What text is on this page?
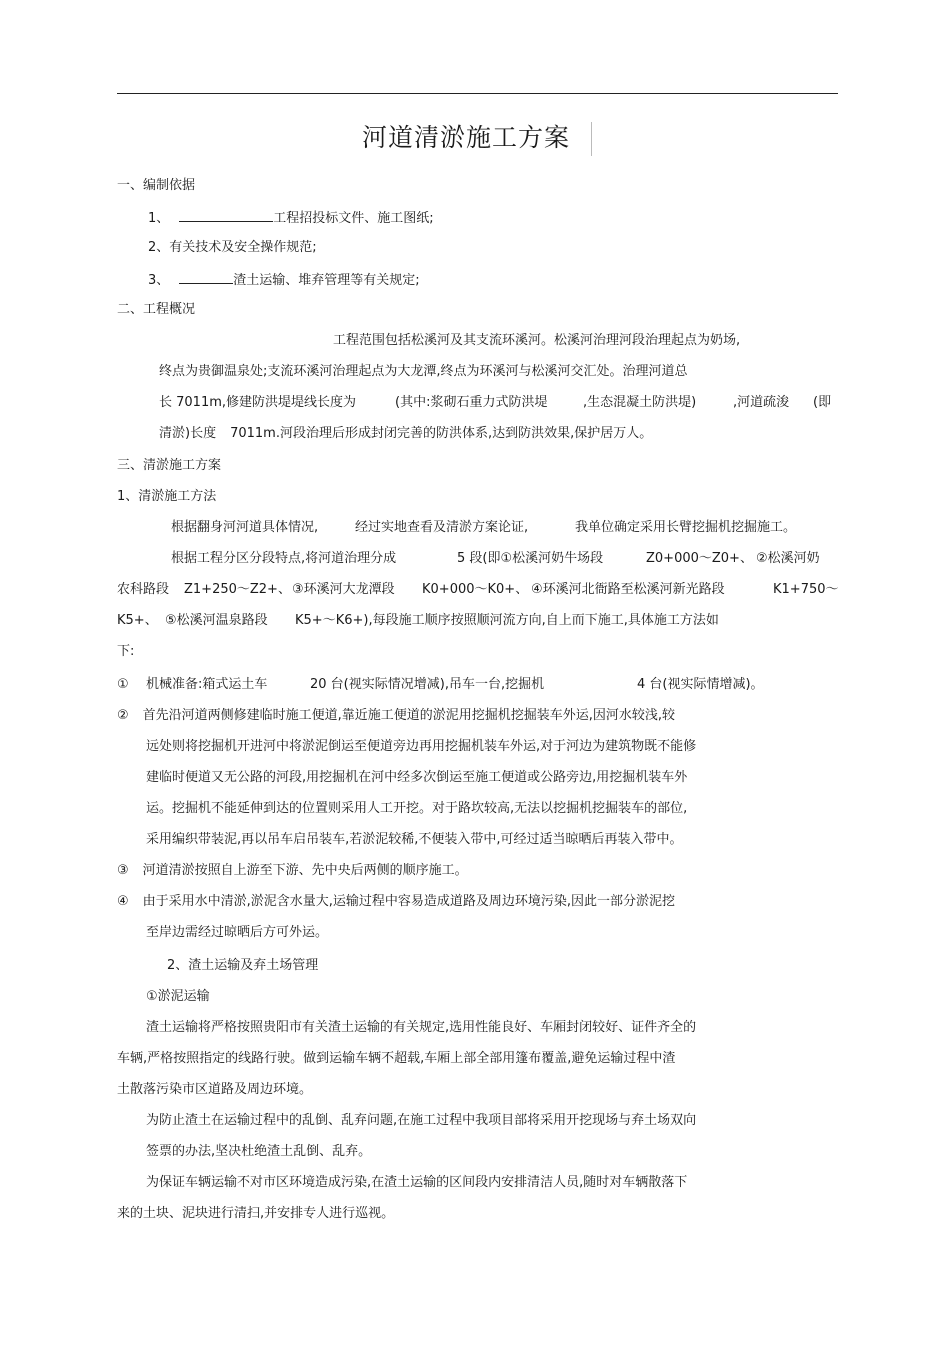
河道清淤施工方案
一、编制依据
1、	工程招投标文件、施工图纸;
2、有关技术及安全操作规范;
3、	渣土运输、堆弃管理等有关规定;
二、工程概况
工程范围包括松溪河及其支流环溪河。松溪河治理河段治理起点为奶场,
终点为贵御温泉处;支流环溪河治理起点为大龙潭,终点为环溪河与松溪河交汇处。治理河道总
长 7011m,修建防洪堤堤线长度为	(其中:浆砌石重力式防洪堤	,生态混凝土防洪堤)	,河道疏浚 (即
清淤)长度 7011m.河段治理后形成封闭完善的防洪体系,达到防洪效果,保护居万人。
三、清淤施工方案
1、清淤施工方法
根据翻身河河道具体情况,	经过实地查看及清淤方案论证,	我单位确定采用长臂挖掘机挖掘施工。
根据工程分区分段特点,将河道治理分成	5 段(即①松溪河奶牛场段	Z0+000～Z0+、 ②松溪河奶
农科路段 Z1+250～Z2+、 ③环溪河大龙潭段 K0+000～K0+、 ④环溪河北衙路至松溪河新光路段	K1+750～
K5+、 ⑤松溪河温泉路段 K5+～K6+),每段施工顺序按照顺河流方向,自上而下施工,具体施工方法如
下:
① 机械准备:箱式运土车	20 台(视实际情况增减),吊车一台,挖掘机	4 台(视实际情增减)。
② 首先沿河道两侧修建临时施工便道,靠近施工便道的淤泥用挖掘机挖掘装车外运,因河水较浅,较
远处则将挖掘机开进河中将淤泥倒运至便道旁边再用挖掘机装车外运,对于河边为建筑物既不能修
建临时便道又无公路的河段,用挖掘机在河中经多次倒运至施工便道或公路旁边,用挖掘机装车外
运。挖掘机不能延伸到达的位置则采用人工开挖。对于路坎较高,无法以挖掘机挖掘装车的部位,
采用编织带装泥,再以吊车启吊装车,若淤泥较稀,不便装入带中,可经过适当晾晒后再装入带中。
③ 河道清淤按照自上游至下游、先中央后两侧的顺序施工。
④ 由于采用水中清淤,淤泥含水量大,运输过程中容易造成道路及周边环境污染,因此一部分淤泥挖
至岸边需经过晾晒后方可外运。
2、渣土运输及弃土场管理
①淤泥运输
渣土运输将严格按照贵阳市有关渣土运输的有关规定,选用性能良好、车厢封闭较好、证件齐全的
车辆,严格按照指定的线路行驶。做到运输车辆不超载,车厢上部全部用篷布覆盖,避免运输过程中渣
土散落污染市区道路及周边环境。
为防止渣土在运输过程中的乱倒、乱弃问题,在施工过程中我项目部将采用开挖现场与弃土场双向
签票的办法,坚决杜绝渣土乱倒、乱弃。
为保证车辆运输不对市区环境造成污染,在渣土运输的区间段内安排清洁人员,随时对车辆散落下
来的土块、泥块进行清扫,并安排专人进行巡视。
